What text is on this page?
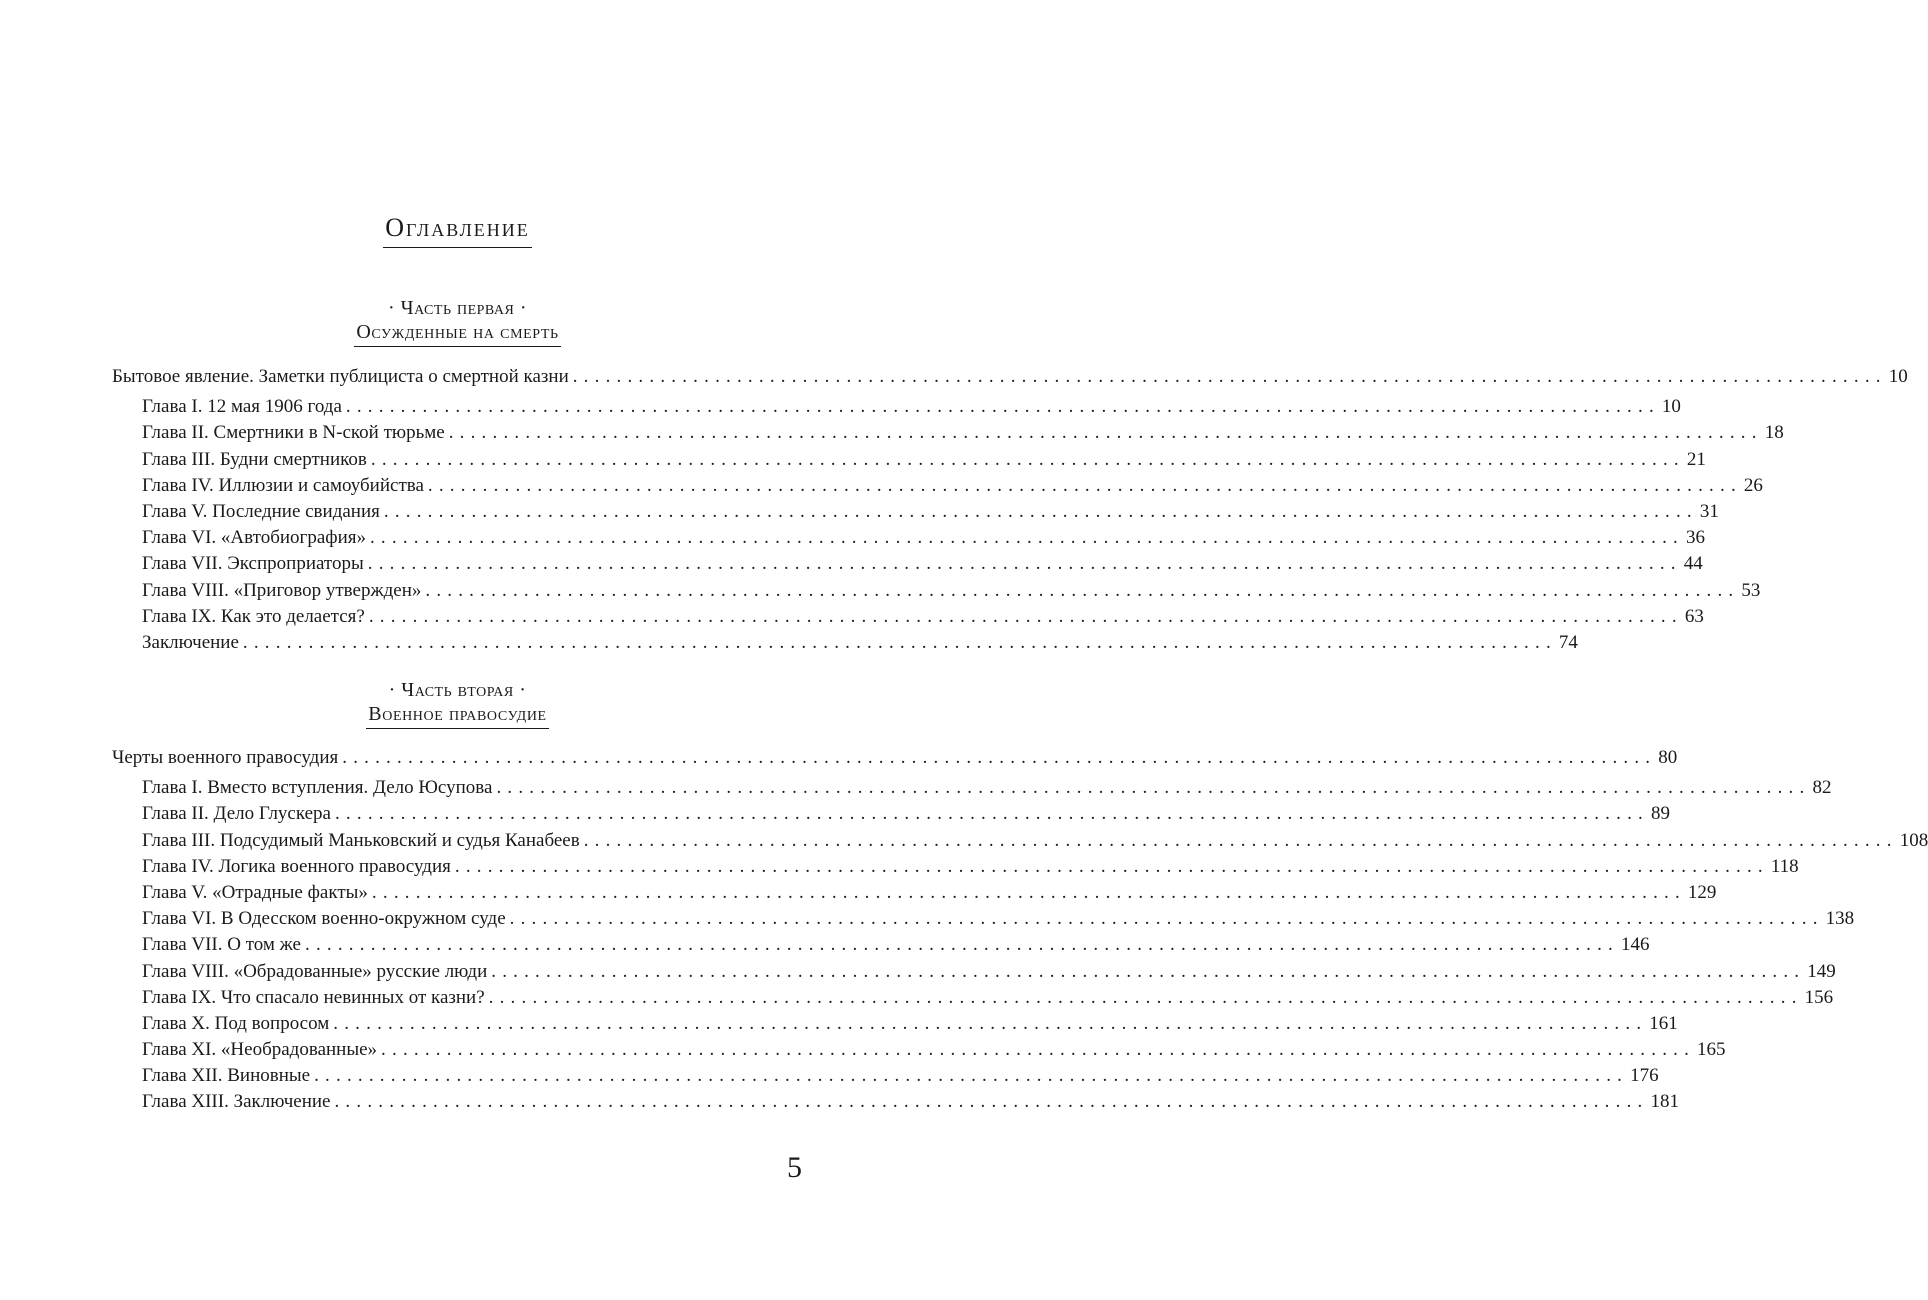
Оглавление
· Часть первая ·
Осужденные на смерть
Бытовое явление. Заметки публициста о смертной казни ........................................................................................................................ 10
Глава I. 12 мая 1906 года ........................................................................................................................ 10
Глава II. Смертники в N-ской тюрьме ........................................................................................................................ 18
Глава III. Будни смертников ........................................................................................................................ 21
Глава IV. Иллюзии и самоубийства ........................................................................................................................ 26
Глава V. Последние свидания ........................................................................................................................ 31
Глава VI. «Автобиография» ........................................................................................................................ 36
Глава VII. Экспроприаторы ........................................................................................................................ 44
Глава VIII. «Приговор утвержден» ........................................................................................................................ 53
Глава IX. Как это делается? ........................................................................................................................ 63
Заключение ........................................................................................................................ 74
· Часть вторая ·
Военное правосудие
Черты военного правосудия ........................................................................................................................ 80
Глава I. Вместо вступления. Дело Юсупова ........................................................................................................................ 82
Глава II. Дело Глускера ........................................................................................................................ 89
Глава III. Подсудимый Маньковский и судья Канабеев ........................................................................................................................ 108
Глава IV. Логика военного правосудия ........................................................................................................................ 118
Глава V. «Отрадные факты» ........................................................................................................................ 129
Глава VI. В Одесском военно-окружном суде ........................................................................................................................ 138
Глава VII. О том же ........................................................................................................................ 146
Глава VIII. «Обрадованные» русские люди ........................................................................................................................ 149
Глава IX. Что спасало невинных от казни? ........................................................................................................................ 156
Глава X. Под вопросом ........................................................................................................................ 161
Глава XI. «Необрадованные» ........................................................................................................................ 165
Глава XII. Виновные ........................................................................................................................ 176
Глава XIII. Заключение ........................................................................................................................ 181
5
